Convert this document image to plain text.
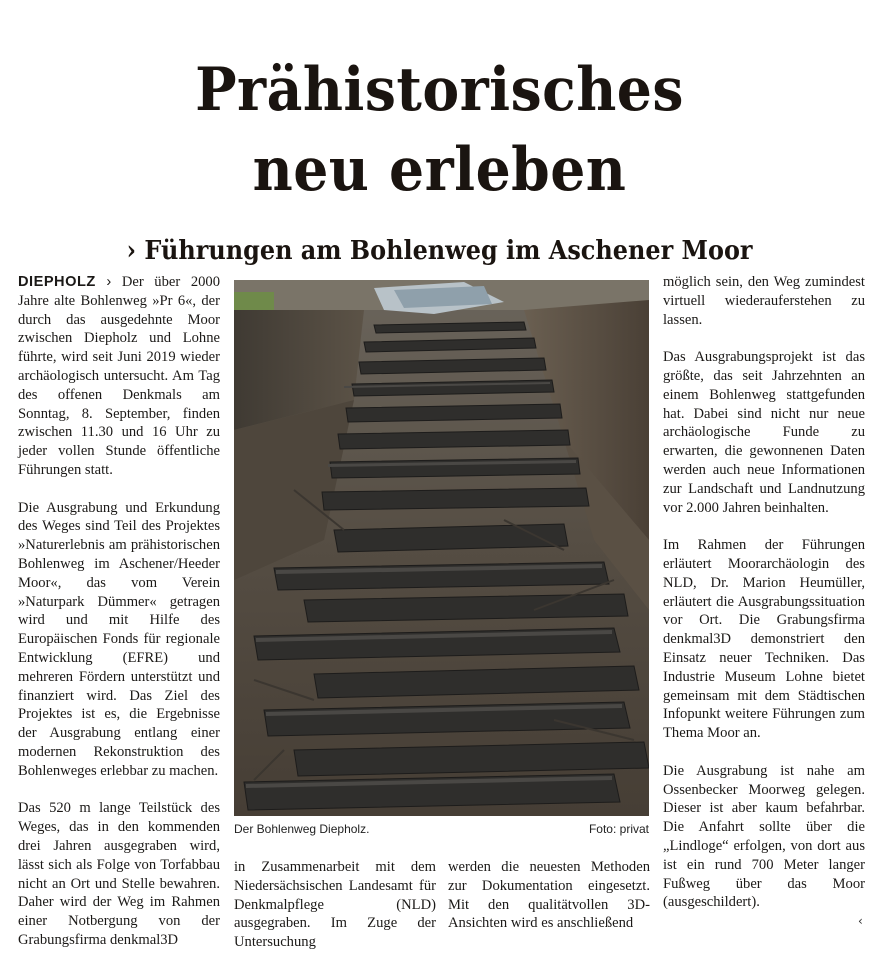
Prähistorisches
neu erleben
› Führungen am Bohlenweg im Aschener Moor

DIEPHOLZ › Der über 2000 Jahre alte Bohlenweg »Pr 6«, der durch das ausgedehnte Moor zwischen Diepholz und Lohne führte, wird seit Juni 2019 wieder archäologisch untersucht. Am Tag des offenen Denkmals am Sonntag, 8. September, finden zwischen 11.30 und 16 Uhr zu jeder vollen Stunde öffentliche Führungen statt.

Die Ausgrabung und Erkundung des Weges sind Teil des Projektes »Naturerlebnis am prähistorischen Bohlenweg im Aschener/Heeder Moor«, das vom Verein »Naturpark Dümmer« getragen wird und mit Hilfe des Europäischen Fonds für regionale Entwicklung (EFRE) und mehreren Fördern unterstützt und finanziert wird. Das Ziel des Projektes ist es, die Ergebnisse der Ausgrabung entlang einer modernen Rekonstruktion des Bohlenweges erlebbar zu machen.

Das 520 m lange Teilstück des Weges, das in den kommenden drei Jahren ausgegraben wird, lässt sich als Folge von Torfabbau nicht an Ort und Stelle bewahren. Daher wird der Weg im Rahmen einer Notbergung von der Grabungsfirma denkmal3D

Der Bohlenweg Diepholz.	Foto: privat
in Zusammenarbeit mit dem Niedersächsischen Landesamt für Denkmalpflege (NLD) ausgegraben. Im Zuge der Untersuchung
werden die neuesten Methoden zur Dokumentation eingesetzt. Mit den qualitätvollen 3D-Ansichten wird es anschließend

möglich sein, den Weg zumindest virtuell wiederauferstehen zu lassen.

Das Ausgrabungsprojekt ist das größte, das seit Jahrzehnten an einem Bohlenweg stattgefunden hat. Dabei sind nicht nur neue archäologische Funde zu erwarten, die gewonnenen Daten werden auch neue Informationen zur Landschaft und Landnutzung vor 2.000 Jahren beinhalten.

Im Rahmen der Führungen erläutert Moorarchäologin des NLD, Dr. Marion Heumüller, erläutert die Ausgrabungssituation vor Ort. Die Grabungsfirma denkmal3D demonstriert den Einsatz neuer Techniken. Das Industrie Museum Lohne bietet gemeinsam mit dem Städtischen Infopunkt weitere Führungen zum Thema Moor an.

Die Ausgrabung ist nahe am Ossenbecker Moorweg gelegen. Dieser ist aber kaum befahrbar. Die Anfahrt sollte über die „Lindloge“ erfolgen, von dort aus ist ein rund 700 Meter langer Fußweg über das Moor (ausgeschildert).

‹
